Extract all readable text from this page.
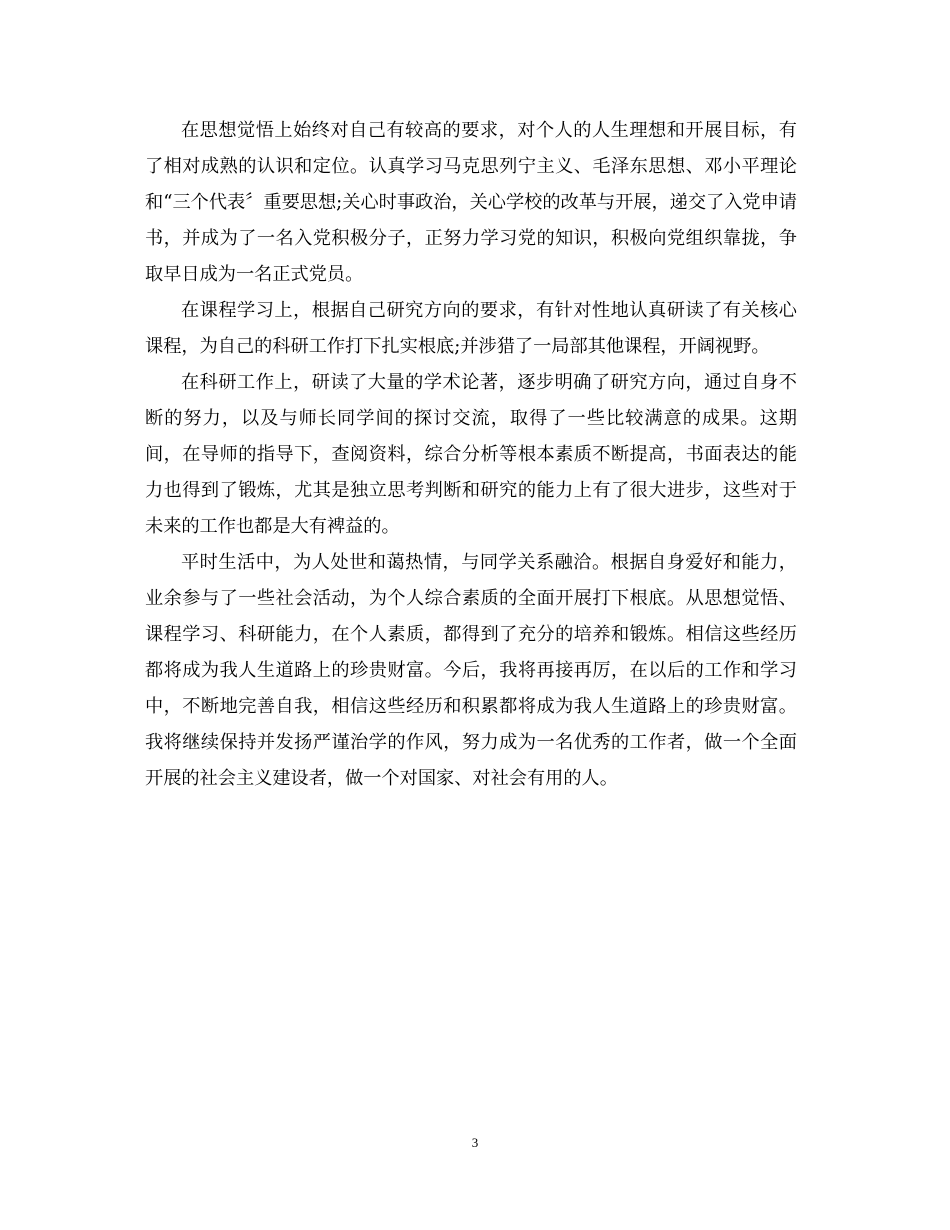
在思想觉悟上始终对自己有较高的要求，对个人的人生理想和开展目标，有了相对成熟的认识和定位。认真学习马克思列宁主义、毛泽东思想、邓小平理论和“三个代表〞重要思想;关心时事政治，关心学校的改革与开展，递交了入党申请书，并成为了一名入党积极分子，正努力学习党的知识，积极向党组织靠拢，争取早日成为一名正式党员。

在课程学习上，根据自己研究方向的要求，有针对性地认真研读了有关核心课程，为自己的科研工作打下扎实根底;并涉猎了一局部其他课程，开阔视野。

在科研工作上，研读了大量的学术论著，逐步明确了研究方向，通过自身不断的努力，以及与师长同学间的探讨交流，取得了一些比较满意的成果。这期间，在导师的指导下，查阅资料，综合分析等根本素质不断提高，书面表达的能力也得到了锻炼，尤其是独立思考判断和研究的能力上有了很大进步，这些对于未来的工作也都是大有裨益的。

平时生活中，为人处世和蔼热情，与同学关系融洽。根据自身爱好和能力，业余参与了一些社会活动，为个人综合素质的全面开展打下根底。从思想觉悟、课程学习、科研能力，在个人素质，都得到了充分的培养和锻炼。相信这些经历都将成为我人生道路上的珍贵财富。今后，我将再接再厉，在以后的工作和学习中，不断地完善自我，相信这些经历和积累都将成为我人生道路上的珍贵财富。我将继续保持并发扬严谨治学的作风，努力成为一名优秀的工作者，做一个全面开展的社会主义建设者，做一个对国家、对社会有用的人。

3
